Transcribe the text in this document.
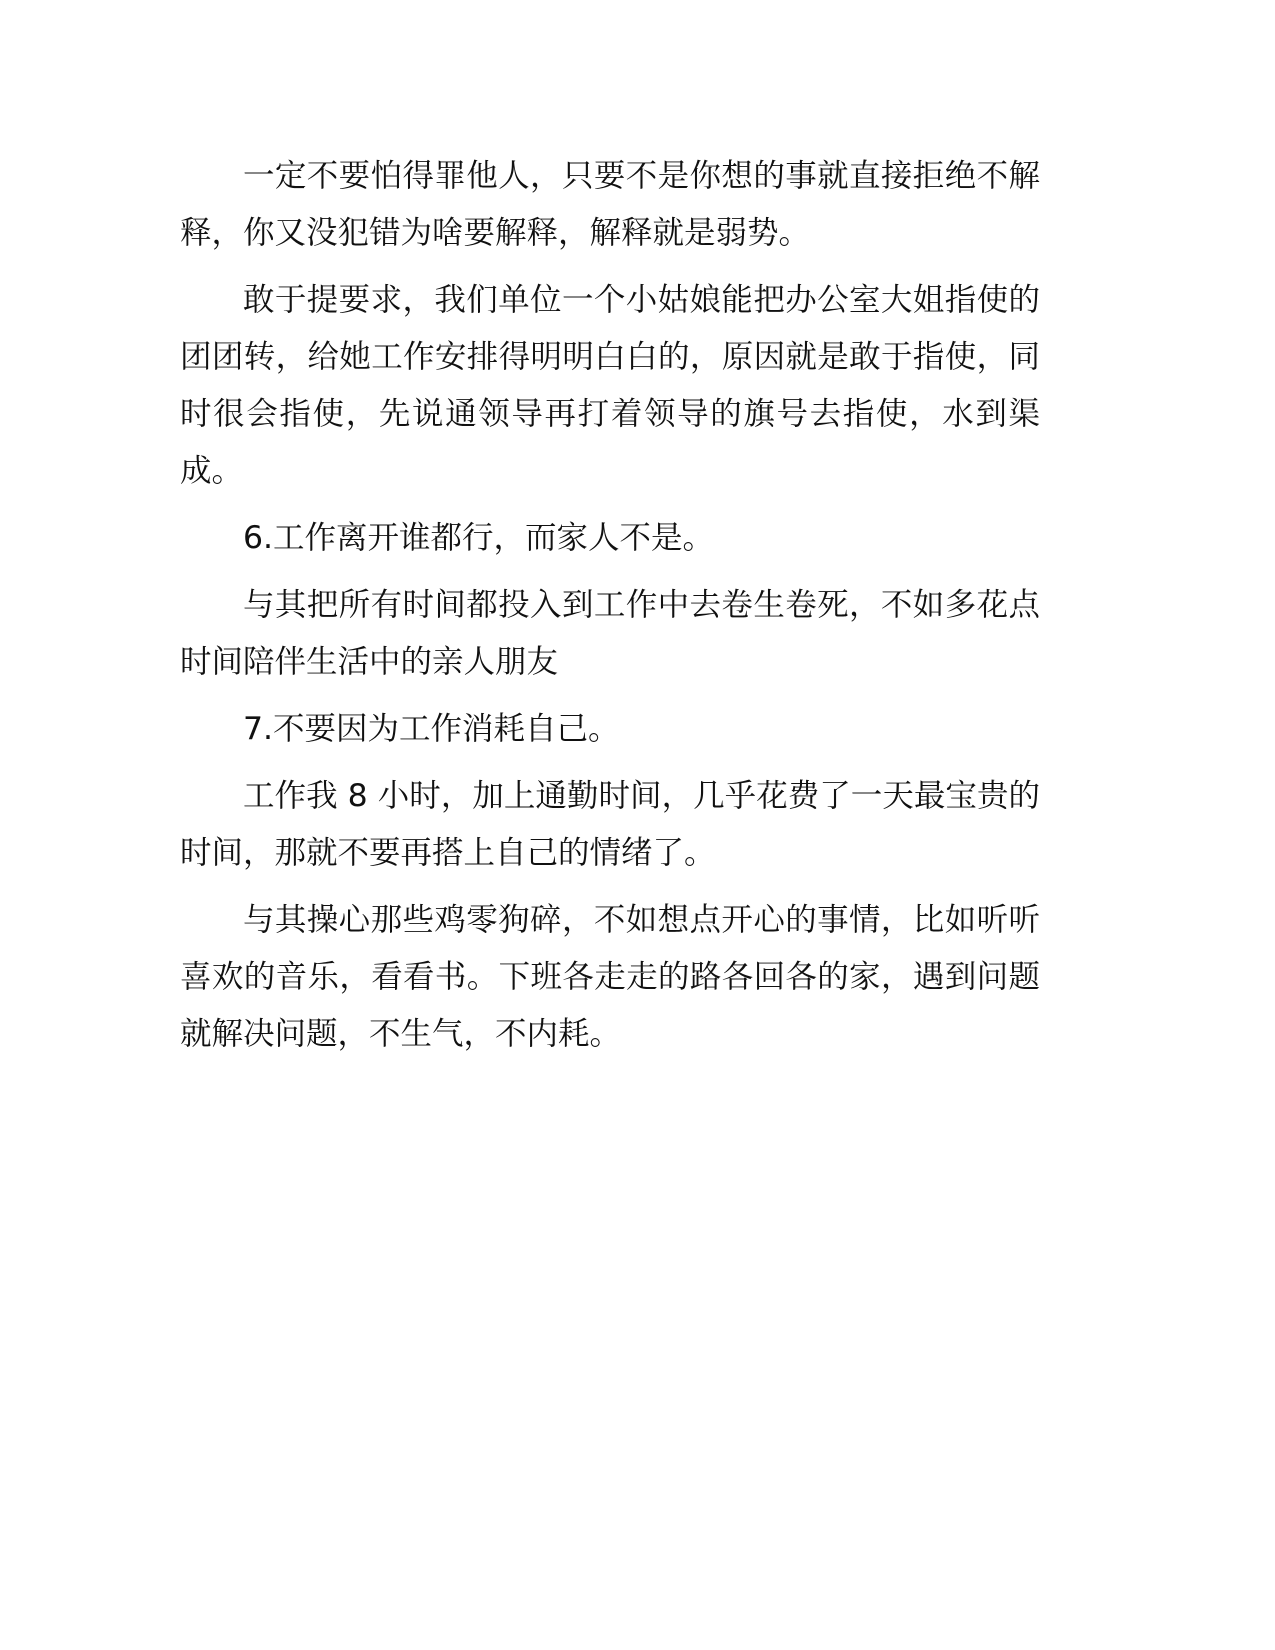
一定不要怕得罪他人，只要不是你想的事就直接拒绝不解释，你又没犯错为啥要解释，解释就是弱势。

敢于提要求，我们单位一个小姑娘能把办公室大姐指使的团团转，给她工作安排得明明白白的，原因就是敢于指使，同时很会指使，先说通领导再打着领导的旗号去指使，水到渠成。

6.工作离开谁都行，而家人不是。

与其把所有时间都投入到工作中去卷生卷死，不如多花点时间陪伴生活中的亲人朋友

7.不要因为工作消耗自己。

工作我 8 小时，加上通勤时间，几乎花费了一天最宝贵的时间，那就不要再搭上自己的情绪了。

与其操心那些鸡零狗碎，不如想点开心的事情，比如听听喜欢的音乐，看看书。下班各走走的路各回各的家，遇到问题就解决问题，不生气，不内耗。
